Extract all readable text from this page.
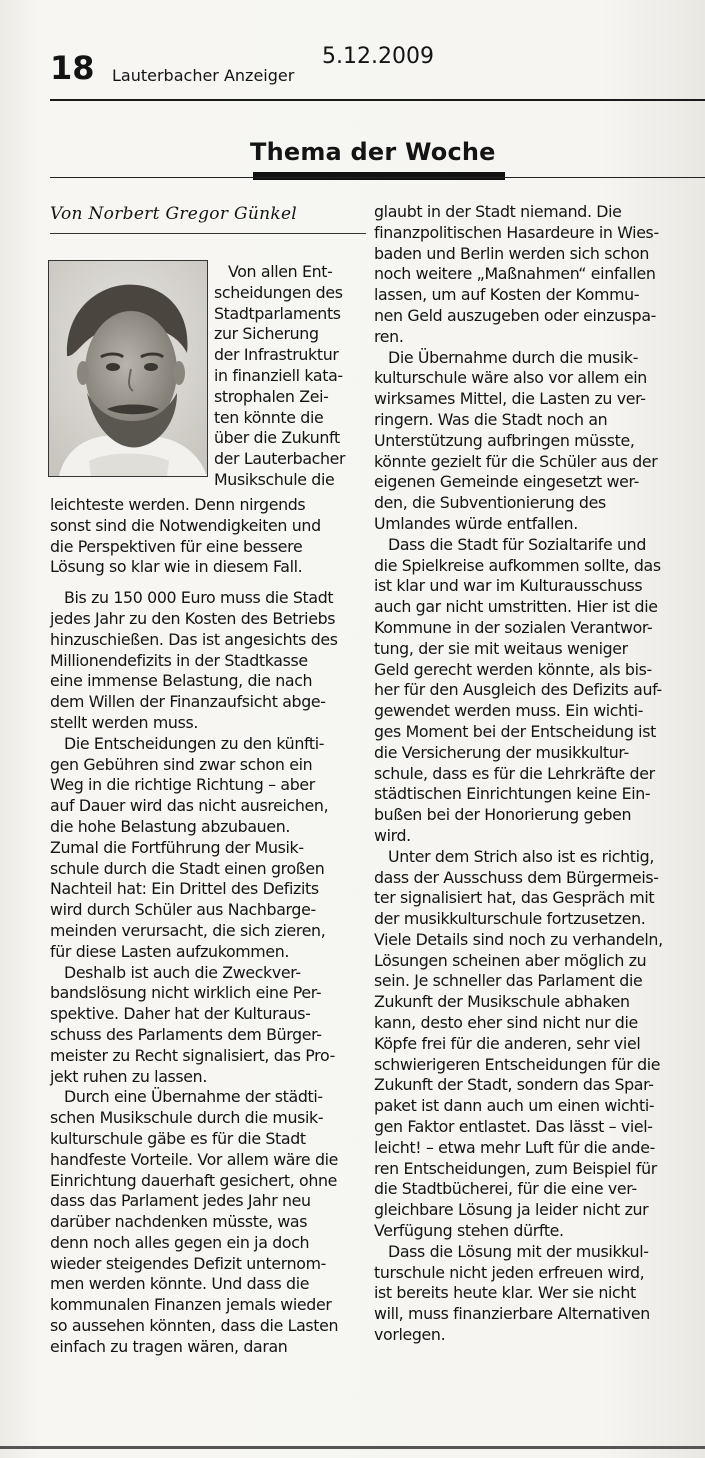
18 Lauterbacher Anzeiger
5.12.2009
Thema der Woche
Von Norbert Gregor Günkel
Von allen Ent-
scheidungen des
Stadtparlaments
zur Sicherung
der Infrastruktur
in finanziell kata-
strophalen Zei-
ten könnte die
über die Zukunft
der Lauterbacher
Musikschule die
leichteste werden. Denn nirgends
sonst sind die Notwendigkeiten und
die Perspektiven für eine bessere
Lösung so klar wie in diesem Fall.
Bis zu 150 000 Euro muss die Stadt
jedes Jahr zu den Kosten des Betriebs
hinzuschießen. Das ist angesichts des
Millionendefizits in der Stadtkasse
eine immense Belastung, die nach
dem Willen der Finanzaufsicht abge-
stellt werden muss.
Die Entscheidungen zu den künfti-
gen Gebühren sind zwar schon ein
Weg in die richtige Richtung – aber
auf Dauer wird das nicht ausreichen,
die hohe Belastung abzubauen.
Zumal die Fortführung der Musik-
schule durch die Stadt einen großen
Nachteil hat: Ein Drittel des Defizits
wird durch Schüler aus Nachbarge-
meinden verursacht, die sich zieren,
für diese Lasten aufzukommen.
Deshalb ist auch die Zweckver-
bandslösung nicht wirklich eine Per-
spektive. Daher hat der Kulturaus-
schuss des Parlaments dem Bürger-
meister zu Recht signalisiert, das Pro-
jekt ruhen zu lassen.
Durch eine Übernahme der städti-
schen Musikschule durch die musik-
kulturschule gäbe es für die Stadt
handfeste Vorteile. Vor allem wäre die
Einrichtung dauerhaft gesichert, ohne
dass das Parlament jedes Jahr neu
darüber nachdenken müsste, was
denn noch alles gegen ein ja doch
wieder steigendes Defizit unternom-
men werden könnte. Und dass die
kommunalen Finanzen jemals wieder
so aussehen könnten, dass die Lasten
einfach zu tragen wären, daran
glaubt in der Stadt niemand. Die
finanzpolitischen Hasardeure in Wies-
baden und Berlin werden sich schon
noch weitere „Maßnahmen“ einfallen
lassen, um auf Kosten der Kommu-
nen Geld auszugeben oder einzuspa-
ren.
Die Übernahme durch die musik-
kulturschule wäre also vor allem ein
wirksames Mittel, die Lasten zu ver-
ringern. Was die Stadt noch an
Unterstützung aufbringen müsste,
könnte gezielt für die Schüler aus der
eigenen Gemeinde eingesetzt wer-
den, die Subventionierung des
Umlandes würde entfallen.
Dass die Stadt für Sozialtarife und
die Spielkreise aufkommen sollte, das
ist klar und war im Kulturausschuss
auch gar nicht umstritten. Hier ist die
Kommune in der sozialen Verantwor-
tung, der sie mit weitaus weniger
Geld gerecht werden könnte, als bis-
her für den Ausgleich des Defizits auf-
gewendet werden muss. Ein wichti-
ges Moment bei der Entscheidung ist
die Versicherung der musikkultur-
schule, dass es für die Lehrkräfte der
städtischen Einrichtungen keine Ein-
bußen bei der Honorierung geben
wird.
Unter dem Strich also ist es richtig,
dass der Ausschuss dem Bürgermeis-
ter signalisiert hat, das Gespräch mit
der musikkulturschule fortzusetzen.
Viele Details sind noch zu verhandeln,
Lösungen scheinen aber möglich zu
sein. Je schneller das Parlament die
Zukunft der Musikschule abhaken
kann, desto eher sind nicht nur die
Köpfe frei für die anderen, sehr viel
schwierigeren Entscheidungen für die
Zukunft der Stadt, sondern das Spar-
paket ist dann auch um einen wichti-
gen Faktor entlastet. Das lässt – viel-
leicht! – etwa mehr Luft für die ande-
ren Entscheidungen, zum Beispiel für
die Stadtbücherei, für die eine ver-
gleichbare Lösung ja leider nicht zur
Verfügung stehen dürfte.
Dass die Lösung mit der musikkul-
turschule nicht jeden erfreuen wird,
ist bereits heute klar. Wer sie nicht
will, muss finanzierbare Alternativen
vorlegen.
